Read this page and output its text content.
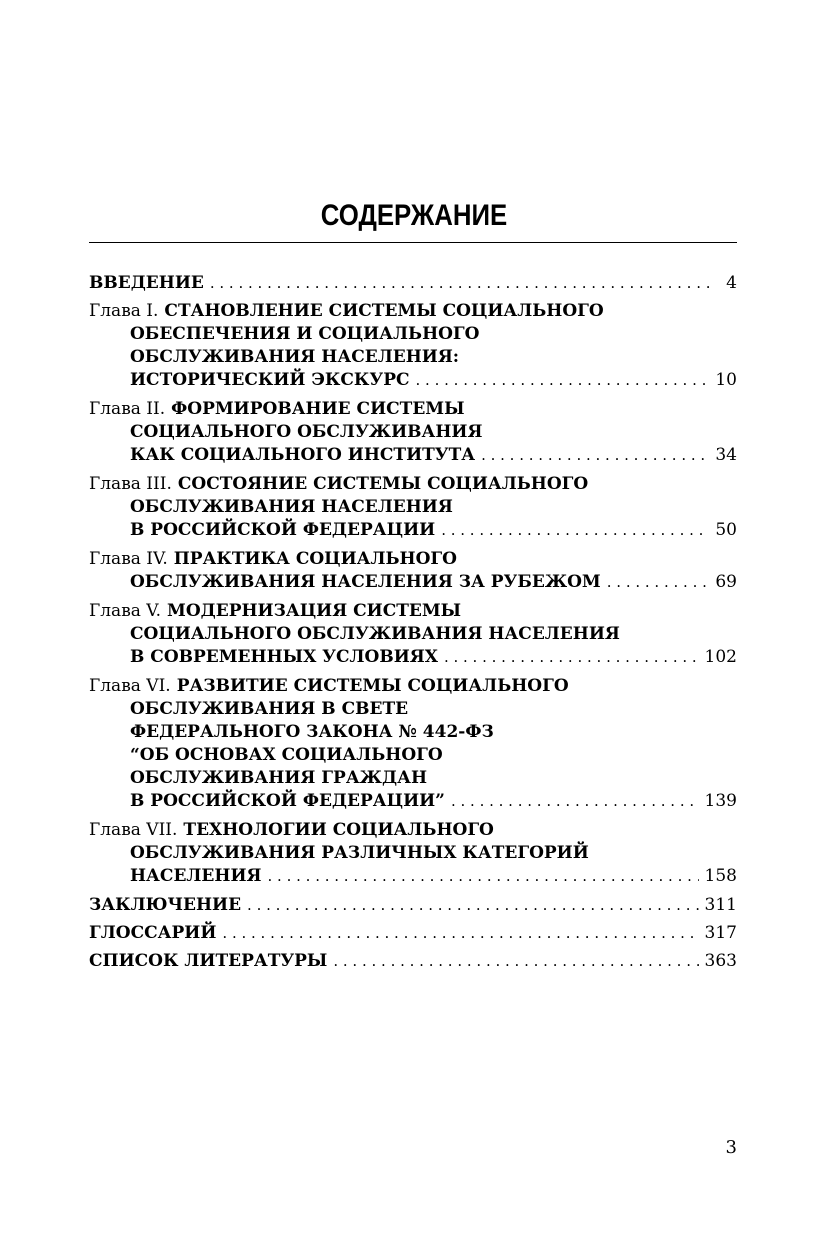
СОДЕРЖАНИЕ
ВВЕДЕНИЕ . . .	4
Глава I. СТАНОВЛЕНИЕ СИСТЕМЫ СОЦИАЛЬНОГО
ОБЕСПЕЧЕНИЯ И СОЦИАЛЬНОГО
ОБСЛУЖИВАНИЯ НАСЕЛЕНИЯ:
ИСТОРИЧЕСКИЙ ЭКСКУРС . . .	10
Глава II. ФОРМИРОВАНИЕ СИСТЕМЫ
СОЦИАЛЬНОГО ОБСЛУЖИВАНИЯ
КАК СОЦИАЛЬНОГО ИНСТИТУТА . . .	34
Глава III. СОСТОЯНИЕ СИСТЕМЫ СОЦИАЛЬНОГО
ОБСЛУЖИВАНИЯ НАСЕЛЕНИЯ
В РОССИЙСКОЙ ФЕДЕРАЦИИ . . .	50
Глава IV. ПРАКТИКА СОЦИАЛЬНОГО
ОБСЛУЖИВАНИЯ НАСЕЛЕНИЯ ЗА РУБЕЖОМ . . .	69
Глава V. МОДЕРНИЗАЦИЯ СИСТЕМЫ
СОЦИАЛЬНОГО ОБСЛУЖИВАНИЯ НАСЕЛЕНИЯ
В СОВРЕМЕННЫХ УСЛОВИЯХ . . .	102
Глава VI. РАЗВИТИЕ СИСТЕМЫ СОЦИАЛЬНОГО
ОБСЛУЖИВАНИЯ В СВЕТЕ
ФЕДЕРАЛЬНОГО ЗАКОНА № 442-ФЗ
“ОБ ОСНОВАХ СОЦИАЛЬНОГО
ОБСЛУЖИВАНИЯ ГРАЖДАН
В РОССИЙСКОЙ ФЕДЕРАЦИИ” . . .	139
Глава VII. ТЕХНОЛОГИИ СОЦИАЛЬНОГО
ОБСЛУЖИВАНИЯ РАЗЛИЧНЫХ КАТЕГОРИЙ
НАСЕЛЕНИЯ . . .	158
ЗАКЛЮЧЕНИЕ . . .	311
ГЛОССАРИЙ . . .	317
СПИСОК ЛИТЕРАТУРЫ . . .	363
3
